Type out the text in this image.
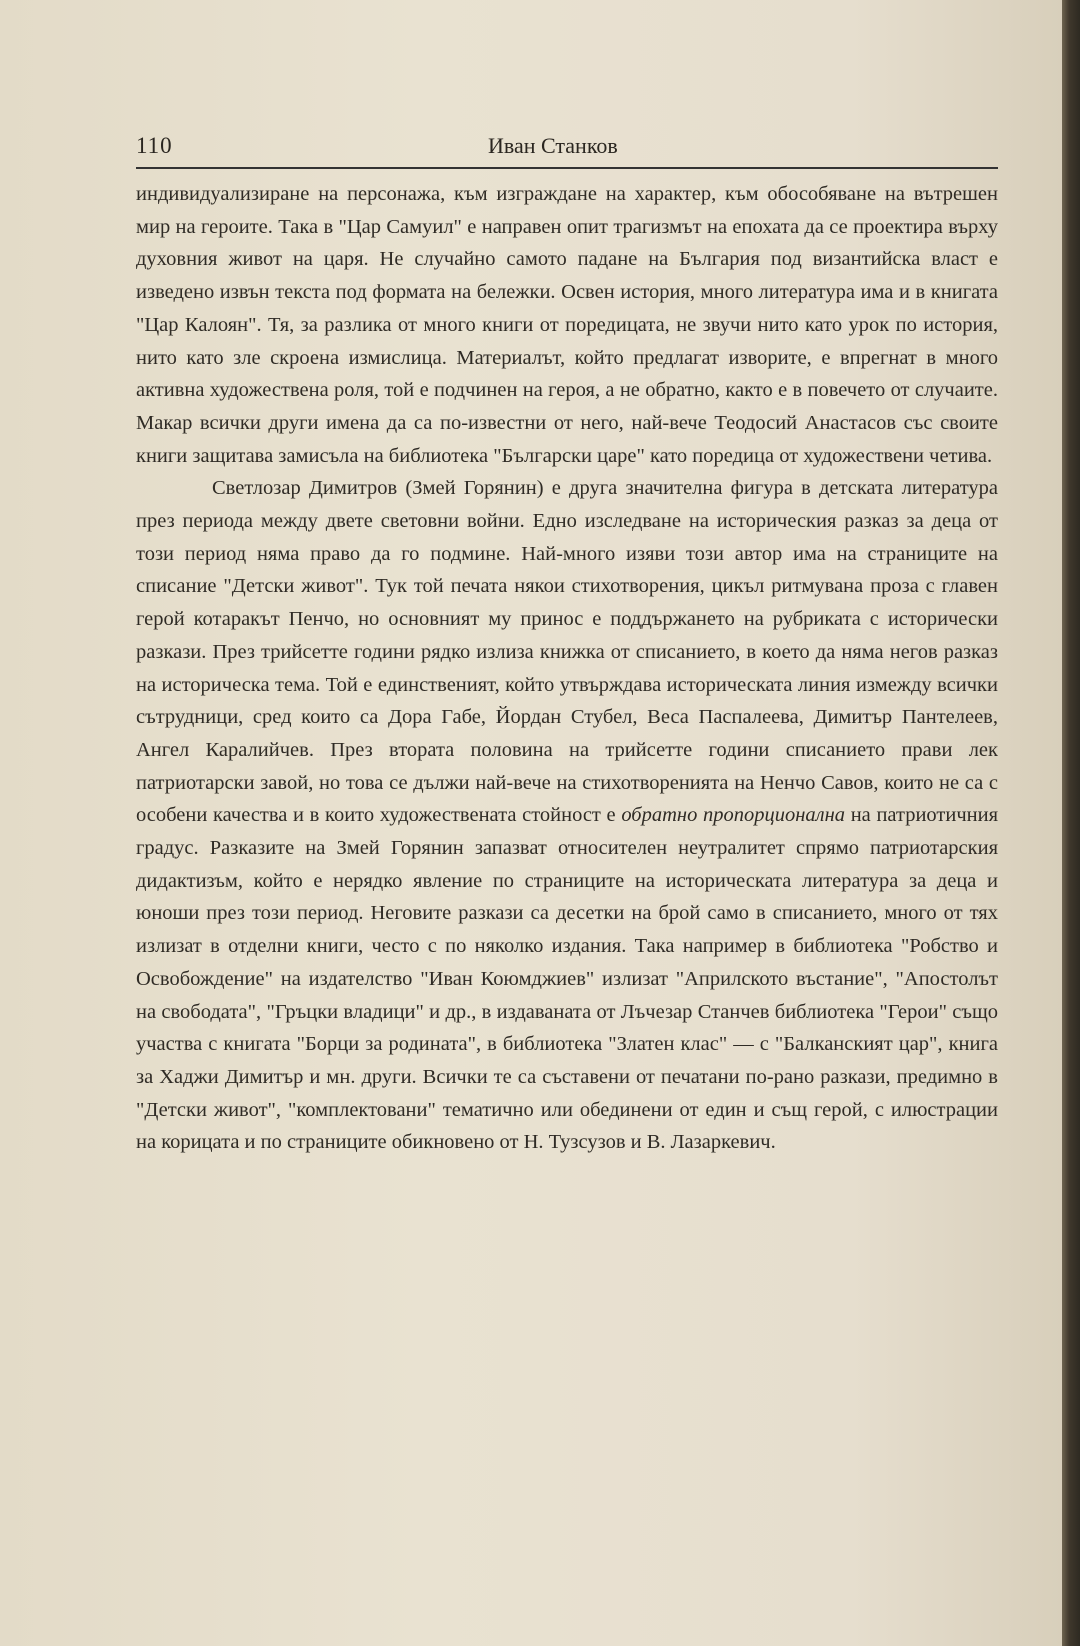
110	Иван Станков

индивидуализиране на персонажа, към изграждане на характер, към обособяване на вътрешен мир на героите. Така в "Цар Самуил" е направен опит трагизмът на епохата да се проектира върху духовния живот на царя. Не случайно самото падане на България под византийска власт е изведено извън текста под формата на бележки. Освен история, много литература има и в книгата "Цар Калоян". Тя, за разлика от много книги от поредицата, не звучи нито като урок по история, нито като зле скроена измислица. Материалът, който предлагат изворите, е впрегнат в много активна художествена роля, той е подчинен на героя, а не обратно, както е в повечето от случаите. Макар всички други имена да са по-известни от него, най-вече Теодосий Анастасов със своите книги защитава замисъла на библиотека "Български царе" като поредица от художествени четива.

Светлозар Димитров (Змей Горянин) е друга значителна фигура в детската литература през периода между двете световни войни. Едно изследване на историческия разказ за деца от този период няма право да го подмине. Най-много изяви този автор има на страниците на списание "Детски живот". Тук той печата някои стихотворения, цикъл ритмувана проза с главен герой котаракът Пенчо, но основният му принос е поддържането на рубриката с исторически разкази. През трийсетте години рядко излиза книжка от списанието, в което да няма негов разказ на историческа тема. Той е единственият, който утвърждава историческата линия измежду всички сътрудници, сред които са Дора Габе, Йордан Стубел, Веса Паспалеева, Димитър Пантелеев, Ангел Каралийчев. През втората половина на трийсетте години списанието прави лек патриотарски завой, но това се дължи най-вече на стихотворенията на Ненчо Савов, които не са с особени качества и в които художествената стойност е обратно пропорционална на патриотичния градус. Разказите на Змей Горянин запазват относителен неутралитет спрямо патриотарския дидактизъм, който е нерядко явление по страниците на историческата литература за деца и юноши през този период. Неговите разкази са десетки на брой само в списанието, много от тях излизат в отделни книги, често с по няколко издания. Така например в библиотека "Робство и Освобождение" на издателство "Иван Коюмджиев" излизат "Априлското въстание", "Апостолът на свободата", "Гръцки владици" и др., в издаваната от Лъчезар Станчев библиотека "Герои" също участва с книгата "Борци за родината", в библиотека "Златен клас" — с "Балканският цар", книга за Хаджи Димитър и мн. други. Всички те са съставени от печатани по-рано разкази, предимно в "Детски живот", "комплектовани" тематично или обединени от един и същ герой, с илюстрации на корицата и по страниците обикновено от Н. Тузсузов и В. Лазаркевич.
